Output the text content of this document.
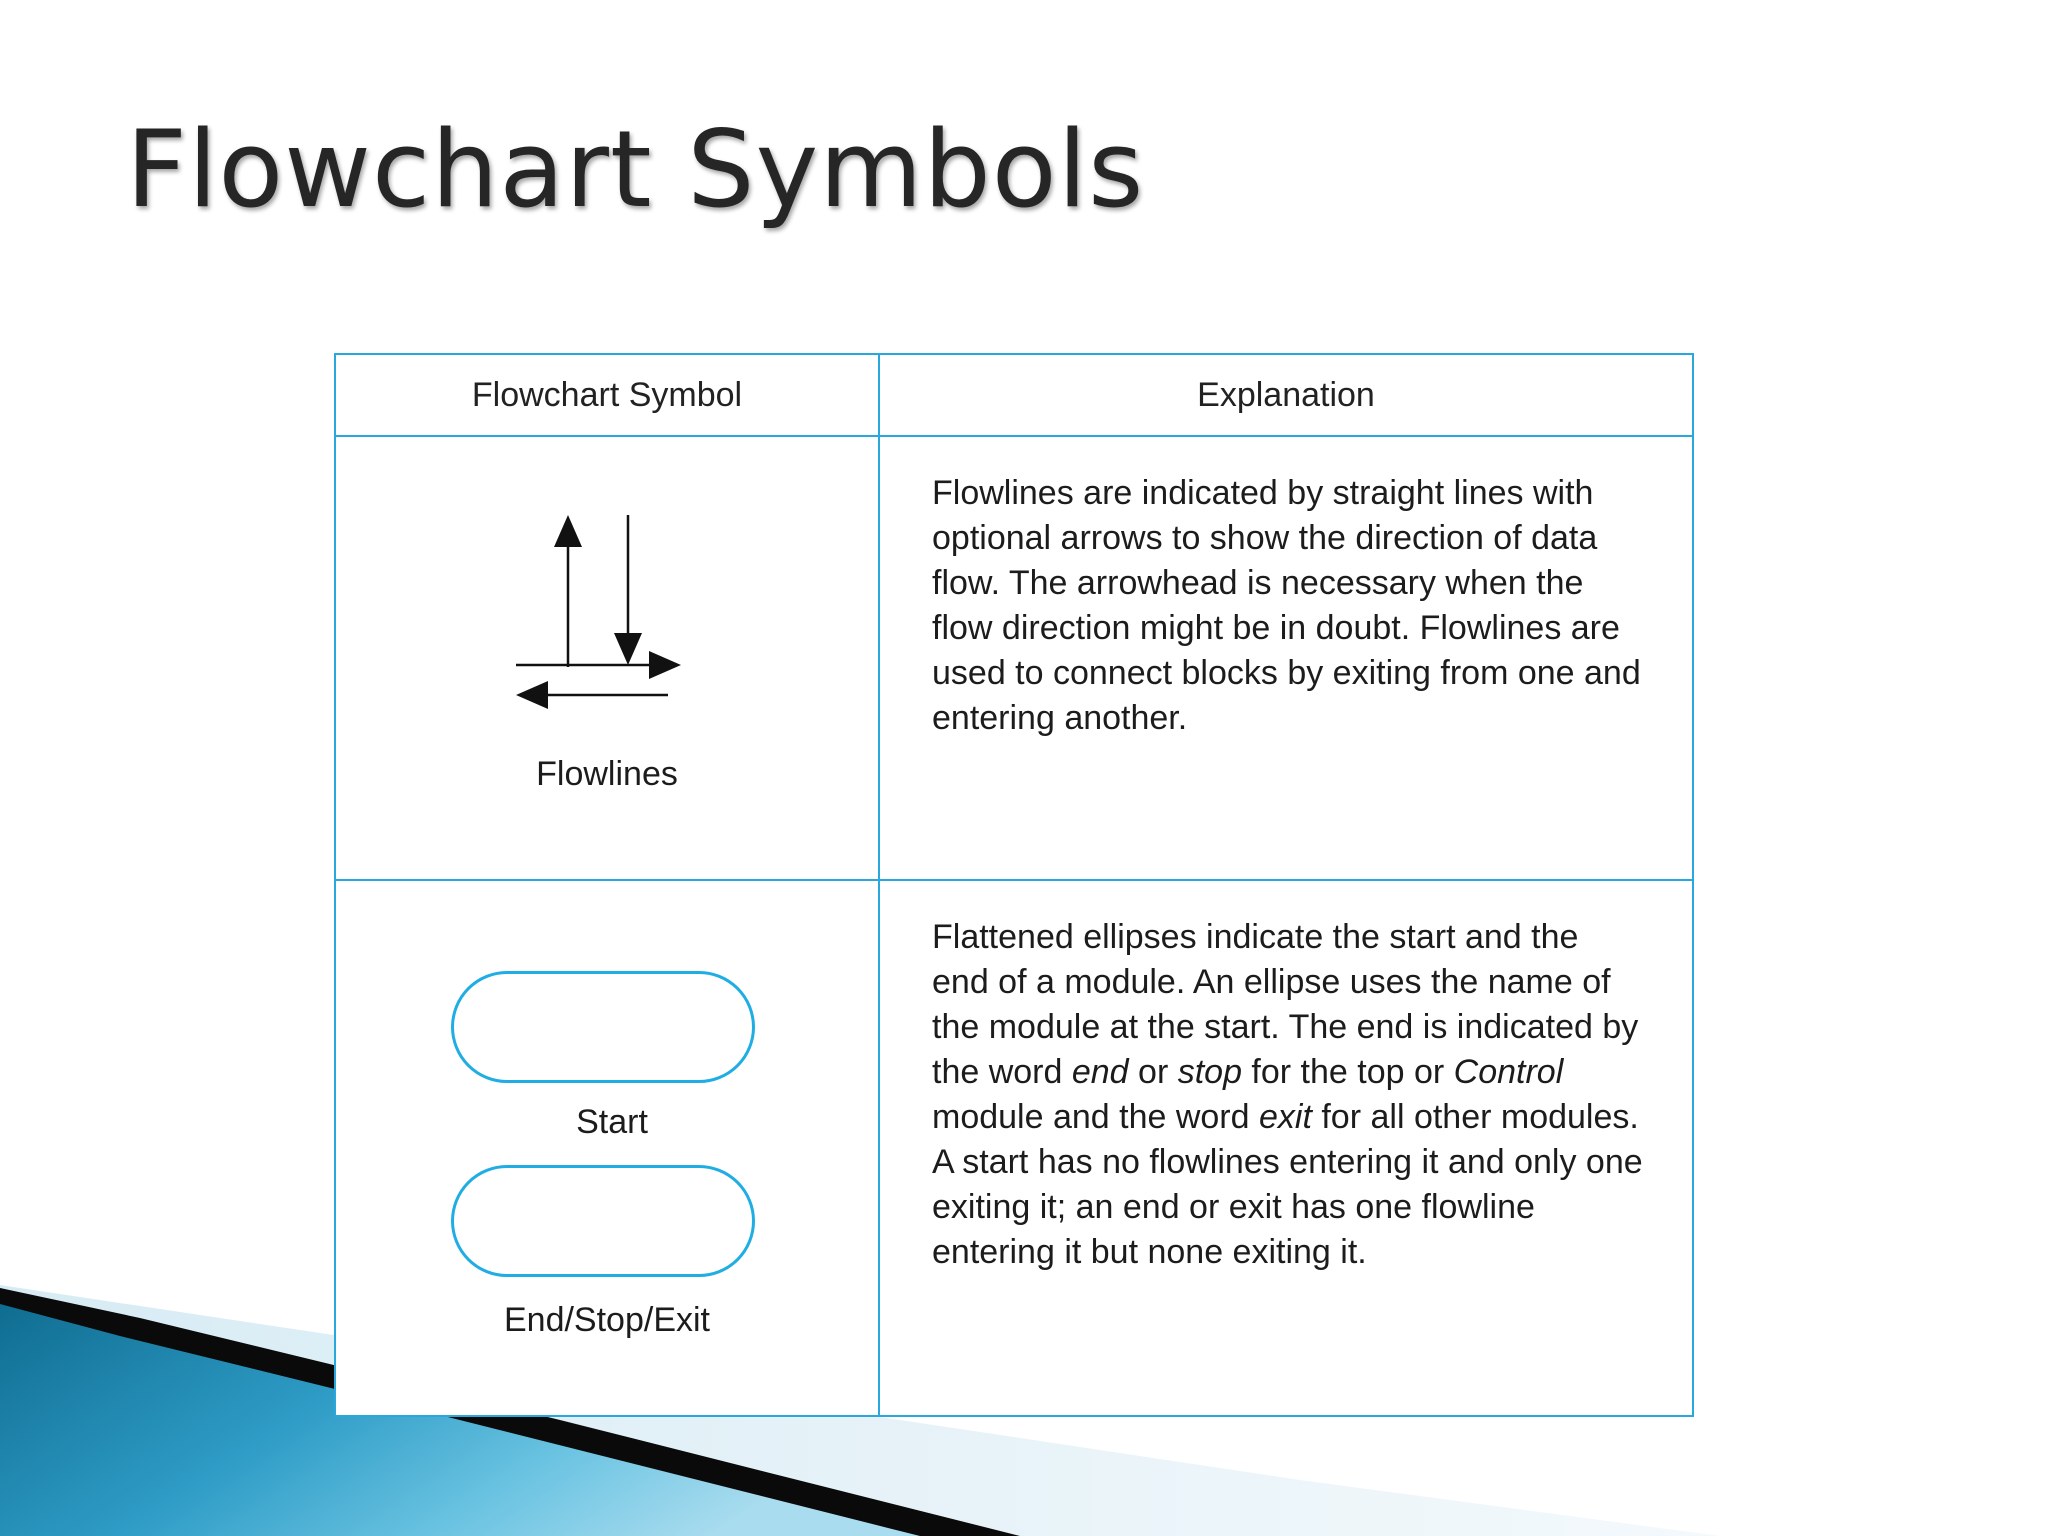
Flowchart Symbols
Flowchart Symbol	Explanation

Flowlines	Flowlines are indicated by straight lines with optional arrows to show the direction of data flow. The arrowhead is necessary when the flow direction might be in doubt. Flowlines are used to connect blocks by exiting from one and entering another.

Start
End/Stop/Exit	Flattened ellipses indicate the start and the end of a module. An ellipse uses the name of the module at the start. The end is indicated by the word end or stop for the top or Control module and the word exit for all other modules. A start has no flowlines entering it and only one exiting it; an end or exit has one flowline entering it but none exiting it.
